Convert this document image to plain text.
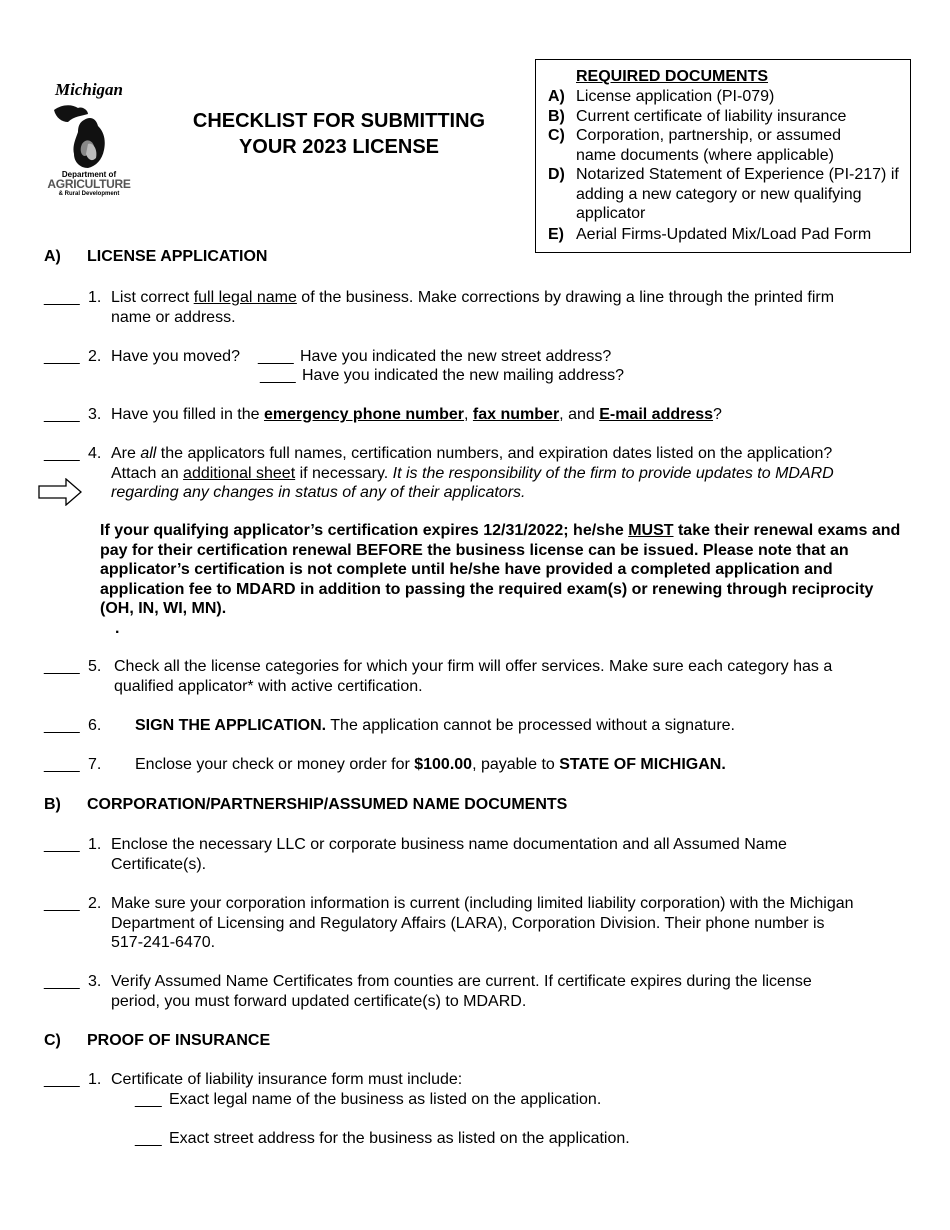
Michigan
Department of
AGRICULTURE
& Rural Development
CHECKLIST FOR SUBMITTING
YOUR 2023 LICENSE
REQUIRED DOCUMENTS
A) License application (PI-079)
B) Current certificate of liability insurance
C) Corporation, partnership, or assumed name documents (where applicable)
D) Notarized Statement of Experience (PI-217) if adding a new category or new qualifying applicator
E) Aerial Firms-Updated Mix/Load Pad Form
A) LICENSE APPLICATION
____
1. List correct full legal name of the business. Make corrections by drawing a line through the printed firm
name or address.
____
2. Have you moved? ____ Have you indicated the new street address?
____ Have you indicated the new mailing address?
____
3. Have you filled in the emergency phone number, fax number, and E-mail address?
____
4. Are all the applicators full names, certification numbers, and expiration dates listed on the application?
Attach an additional sheet if necessary. It is the responsibility of the firm to provide updates to MDARD
regarding any changes in status of any of their applicators.
If your qualifying applicator’s certification expires 12/31/2022; he/she MUST take their renewal exams and pay for their certification renewal BEFORE the business license can be issued. Please note that an applicator’s certification is not complete until he/she have provided a completed application and application fee to MDARD in addition to passing the required exam(s) or renewing through reciprocity (OH, IN, WI, MN).
.
____
5. Check all the license categories for which your firm will offer services. Make sure each category has a
qualified applicator* with active certification.
____
6. SIGN THE APPLICATION. The application cannot be processed without a signature.
____
7. Enclose your check or money order for $100.00, payable to STATE OF MICHIGAN.
B) CORPORATION/PARTNERSHIP/ASSUMED NAME DOCUMENTS
____
1. Enclose the necessary LLC or corporate business name documentation and all Assumed Name
Certificate(s).
____
2. Make sure your corporation information is current (including limited liability corporation) with the Michigan
Department of Licensing and Regulatory Affairs (LARA), Corporation Division. Their phone number is
517-241-6470.
____
3. Verify Assumed Name Certificates from counties are current. If certificate expires during the license
period, you must forward updated certificate(s) to MDARD.
C) PROOF OF INSURANCE
____
1. Certificate of liability insurance form must include:
___ Exact legal name of the business as listed on the application.
___ Exact street address for the business as listed on the application.
